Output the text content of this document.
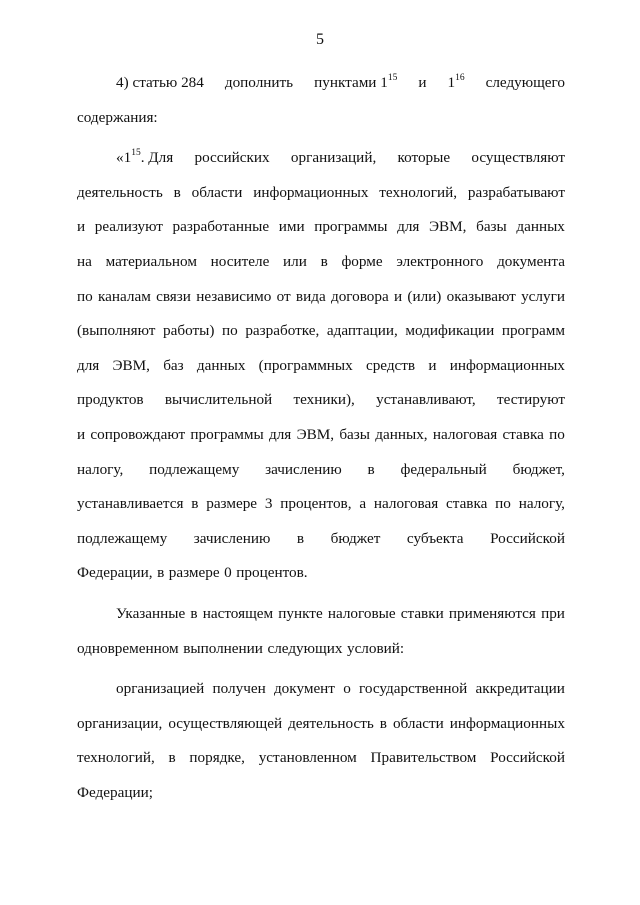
5
4) статью 284 дополнить пунктами $1^{15}$ и $1^{16}$ следующего
содержания:
«$1^{15}$. Для российских организаций, которые осуществляют
деятельность в области информационных технологий, разрабатывают
и реализуют разработанные ими программы для ЭВМ, базы данных
на материальном носителе или в форме электронного документа
по каналам связи независимо от вида договора и (или) оказывают услуги
(выполняют работы) по разработке, адаптации, модификации программ
для ЭВМ, баз данных (программных средств и информационных
продуктов вычислительной техники), устанавливают, тестируют
и сопровождают программы для ЭВМ, базы данных, налоговая ставка по
налогу, подлежащему зачислению в федеральный бюджет,
устанавливается в размере 3 процентов, а налоговая ставка по налогу,
подлежащему зачислению в бюджет субъекта Российской
Федерации, в размере 0 процентов.
Указанные в настоящем пункте налоговые ставки применяются при
одновременном выполнении следующих условий:
организацией получен документ о государственной аккредитации
организации, осуществляющей деятельность в области информационных
технологий, в порядке, установленном Правительством Российской
Федерации;
